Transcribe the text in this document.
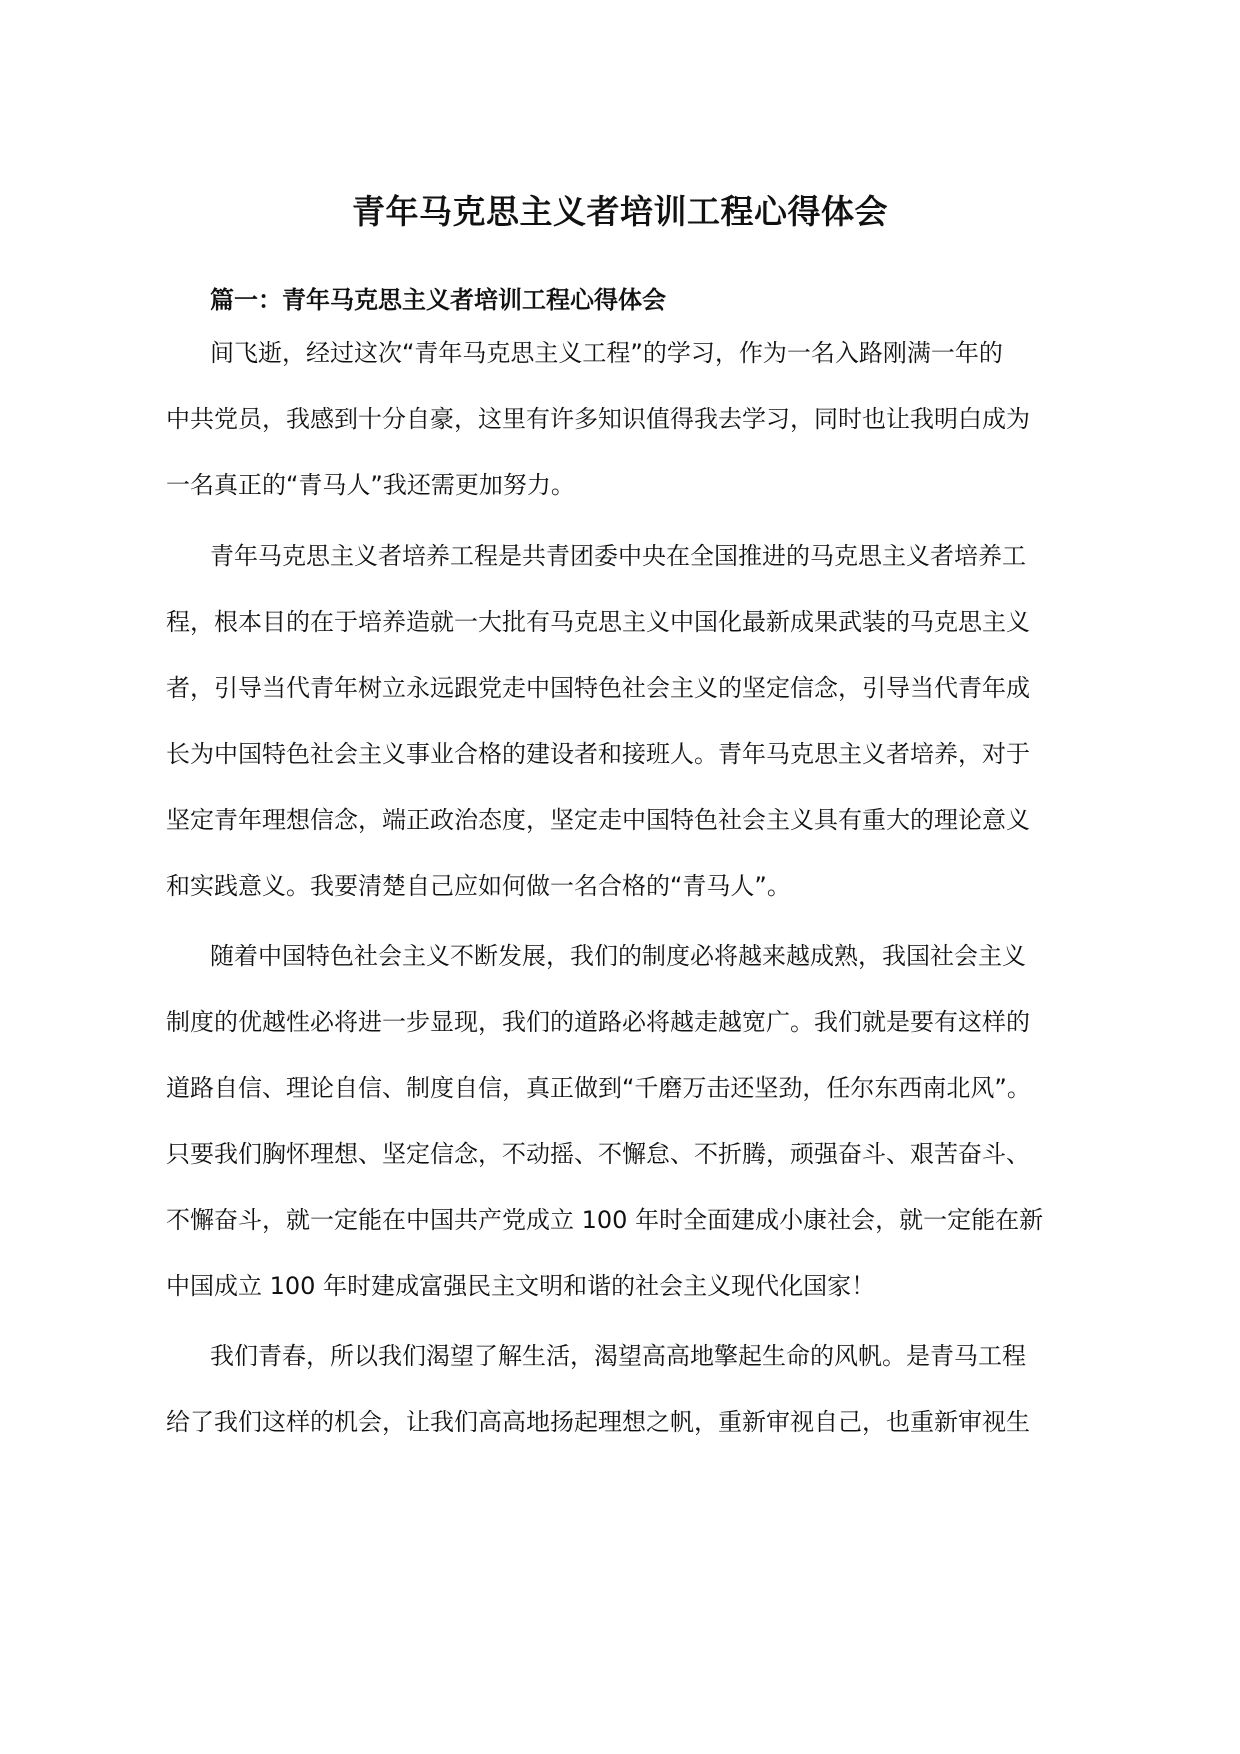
青年马克思主义者培训工程心得体会
篇一：青年马克思主义者培训工程心得体会
间飞逝，经过这次“青年马克思主义工程”的学习，作为一名入路刚满一年的
中共党员，我感到十分自豪，这里有许多知识值得我去学习，同时也让我明白成为
一名真正的“青马人”我还需更加努力。
青年马克思主义者培养工程是共青团委中央在全国推进的马克思主义者培养工
程，根本目的在于培养造就一大批有马克思主义中国化最新成果武装的马克思主义
者，引导当代青年树立永远跟党走中国特色社会主义的坚定信念，引导当代青年成
长为中国特色社会主义事业合格的建设者和接班人。青年马克思主义者培养，对于
坚定青年理想信念，端正政治态度，坚定走中国特色社会主义具有重大的理论意义
和实践意义。我要清楚自己应如何做一名合格的“青马人”。
随着中国特色社会主义不断发展，我们的制度必将越来越成熟，我国社会主义
制度的优越性必将进一步显现，我们的道路必将越走越宽广。我们就是要有这样的
道路自信、理论自信、制度自信，真正做到“千磨万击还坚劲，任尔东西南北风”。
只要我们胸怀理想、坚定信念，不动摇、不懈怠、不折腾，顽强奋斗、艰苦奋斗、
不懈奋斗，就一定能在中国共产党成立 100 年时全面建成小康社会，就一定能在新
中国成立 100 年时建成富强民主文明和谐的社会主义现代化国家！
我们青春，所以我们渴望了解生活，渴望高高地擎起生命的风帆。是青马工程
给了我们这样的机会，让我们高高地扬起理想之帆，重新审视自己，也重新审视生
